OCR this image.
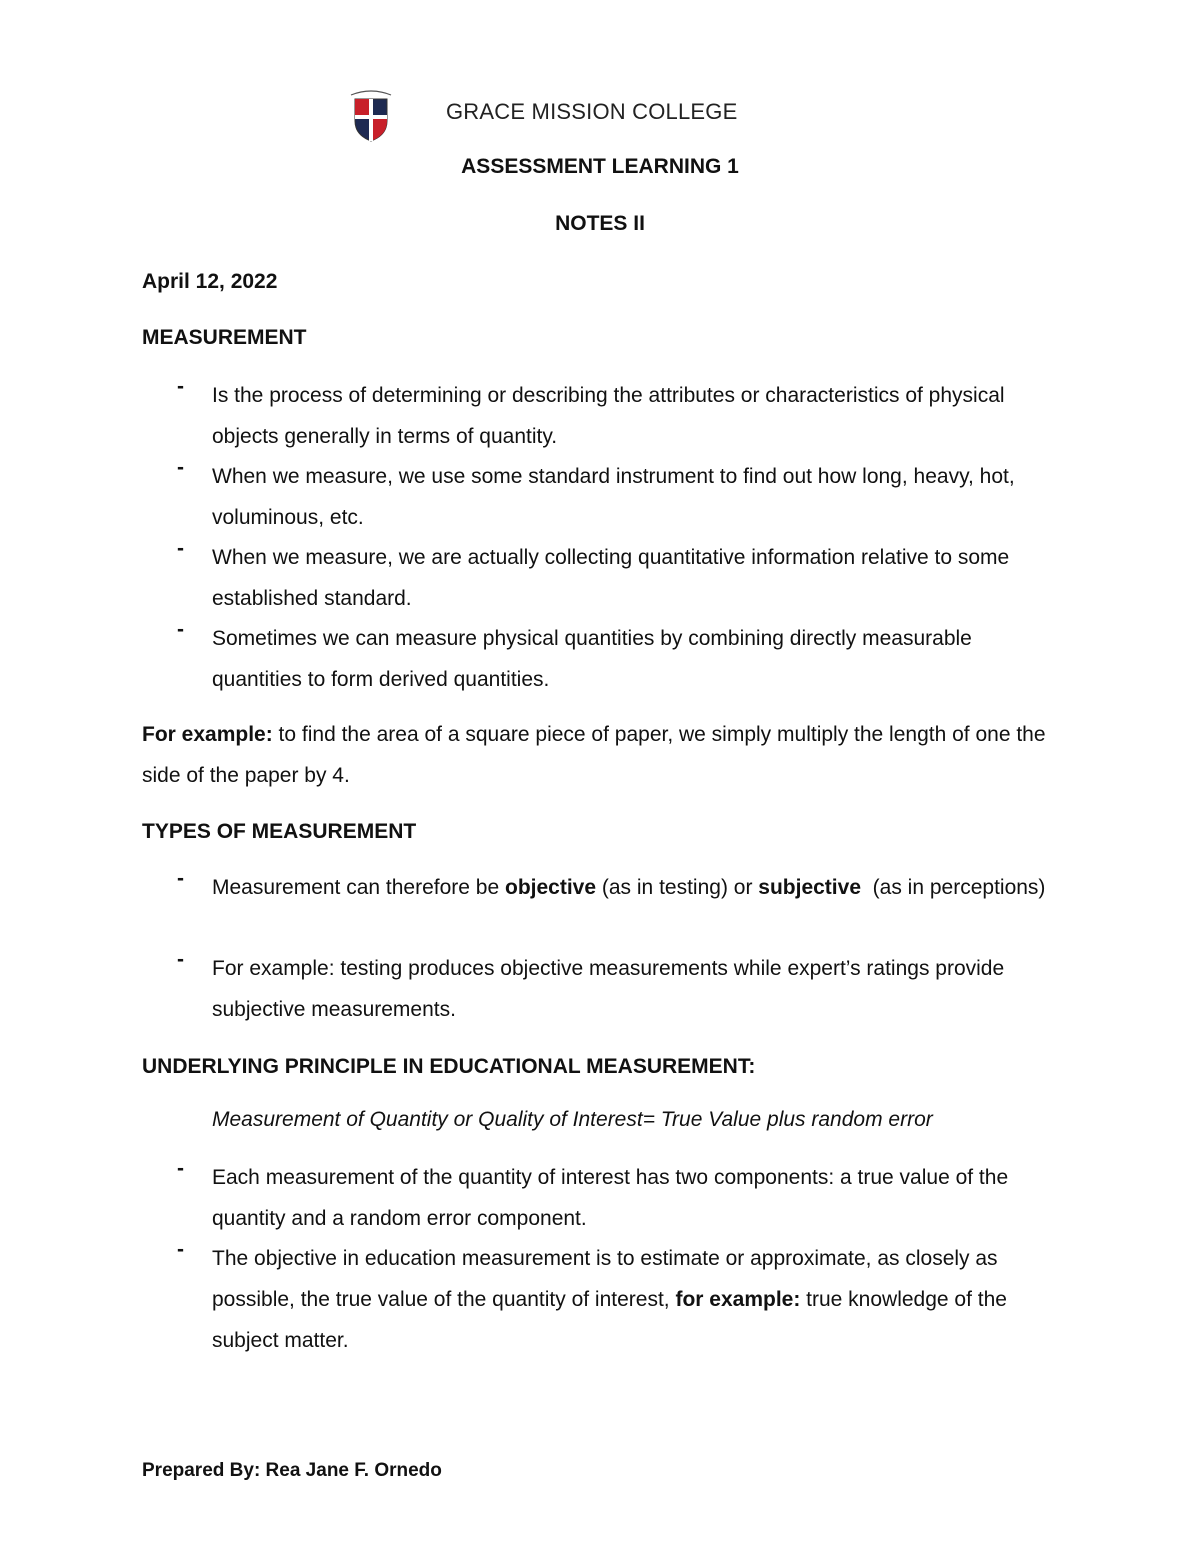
GRACE MISSION COLLEGE
ASSESSMENT LEARNING 1
NOTES II
April 12, 2022
MEASUREMENT
- Is the process of determining or describing the attributes or characteristics of physical objects generally in terms of quantity.
- When we measure, we use some standard instrument to find out how long, heavy, hot, voluminous, etc.
- When we measure, we are actually collecting quantitative information relative to some established standard.
- Sometimes we can measure physical quantities by combining directly measurable quantities to form derived quantities.
For example: to find the area of a square piece of paper, we simply multiply the length of one the side of the paper by 4.
TYPES OF MEASUREMENT
- Measurement can therefore be objective (as in testing) or subjective  (as in perceptions)
- For example: testing produces objective measurements while expert’s ratings provide subjective measurements.
UNDERLYING PRINCIPLE IN EDUCATIONAL MEASUREMENT:
Measurement of Quantity or Quality of Interest= True Value plus random error
- Each measurement of the quantity of interest has two components: a true value of the quantity and a random error component.
- The objective in education measurement is to estimate or approximate, as closely as possible, the true value of the quantity of interest, for example: true knowledge of the subject matter.
Prepared By: Rea Jane F. Ornedo
